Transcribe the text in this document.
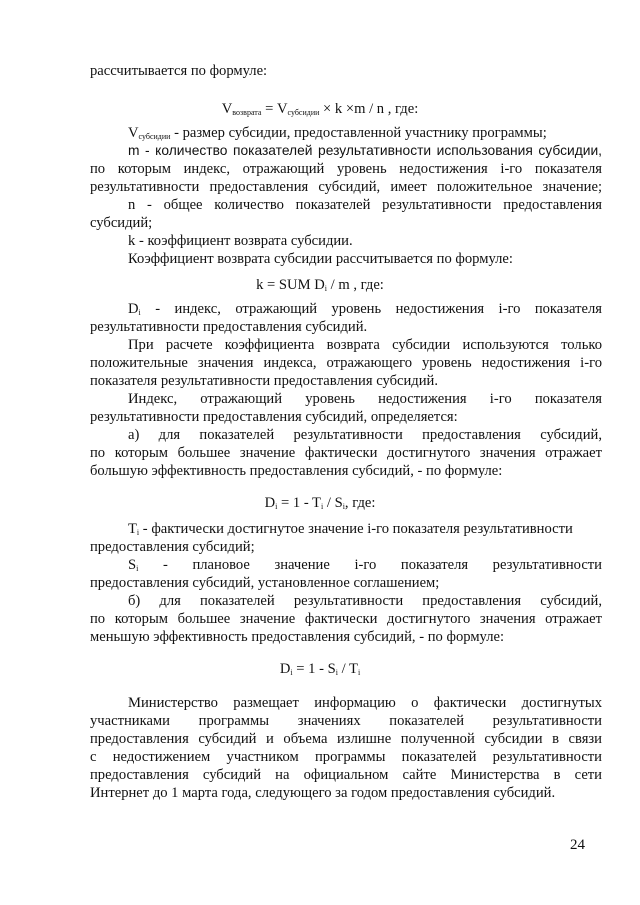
рассчитывается по формуле:
$V_{возврата} = V_{субсидии} \times k \times m / n$ , где:
$V_{субсидии}$ - размер субсидии, предоставленной участнику программы;
m - количество показателей результативности использования субсидии,
по которым индекс, отражающий уровень недостижения i-го показателя
результативности предоставления субсидий, имеет положительное значение;
n - общее количество показателей результативности предоставления
субсидий;
k - коэффициент возврата субсидии.
Коэффициент возврата субсидии рассчитывается по формуле:
k = SUM $D_i$ / m , где:
$D_i$ - индекс, отражающий уровень недостижения i-го показателя
результативности предоставления субсидий.
При расчете коэффициента возврата субсидии используются только
положительные значения индекса, отражающего уровень недостижения i-го
показателя результативности предоставления субсидий.
Индекс, отражающий уровень недостижения i-го показателя
результативности предоставления субсидий, определяется:
а) для показателей результативности предоставления субсидий,
по которым большее значение фактически достигнутого значения отражает
большую эффективность предоставления субсидий, - по формуле:
$D_i = 1 - T_i / S_i$, где:
$T_i$ - фактически достигнутое значение i-го показателя результативности
предоставления субсидий;
$S_i$ - плановое значение i-го показателя результативности
предоставления субсидий, установленное соглашением;
б) для показателей результативности предоставления субсидий,
по которым большее значение фактически достигнутого значения отражает
меньшую эффективность предоставления субсидий, - по формуле:
$D_i = 1 - S_i / T_i$
Министерство размещает информацию о фактически достигнутых
участниками программы значениях показателей результативности
предоставления субсидий и объема излишне полученной субсидии в связи
с недостижением участником программы показателей результативности
предоставления субсидий на официальном сайте Министерства в сети
Интернет до 1 марта года, следующего за годом предоставления субсидий.
24
